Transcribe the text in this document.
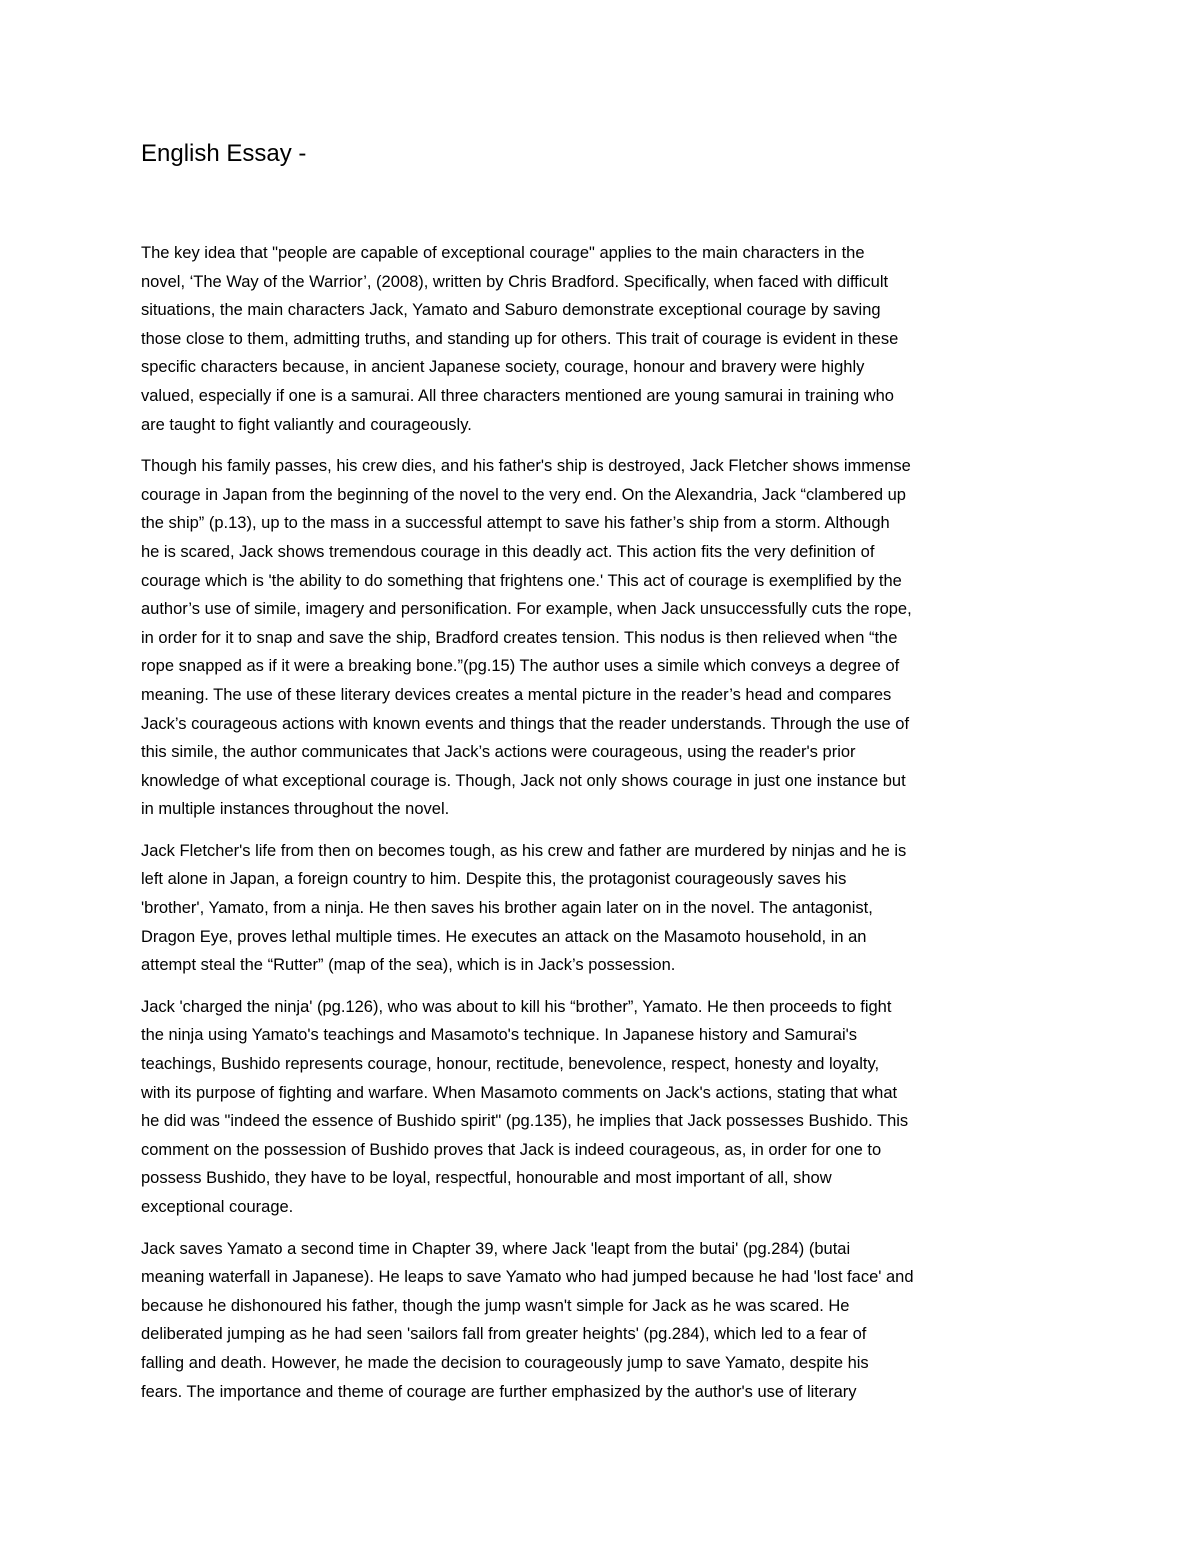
English Essay -

The key idea that "people are capable of exceptional courage" applies to the main characters in the
novel, ‘The Way of the Warrior’, (2008), written by Chris Bradford. Specifically, when faced with difficult
situations, the main characters Jack, Yamato and Saburo demonstrate exceptional courage by saving
those close to them, admitting truths, and standing up for others. This trait of courage is evident in these
specific characters because, in ancient Japanese society, courage, honour and bravery were highly
valued, especially if one is a samurai. All three characters mentioned are young samurai in training who
are taught to fight valiantly and courageously.

Though his family passes, his crew dies, and his father's ship is destroyed, Jack Fletcher shows immense
courage in Japan from the beginning of the novel to the very end. On the Alexandria, Jack “clambered up
the ship” (p.13), up to the mass in a successful attempt to save his father’s ship from a storm. Although
he is scared, Jack shows tremendous courage in this deadly act. This action fits the very definition of
courage which is 'the ability to do something that frightens one.' This act of courage is exemplified by the
author’s use of simile, imagery and personification. For example, when Jack unsuccessfully cuts the rope,
in order for it to snap and save the ship, Bradford creates tension. This nodus is then relieved when “the
rope snapped as if it were a breaking bone.”(pg.15) The author uses a simile which conveys a degree of
meaning. The use of these literary devices creates a mental picture in the reader’s head and compares
Jack’s courageous actions with known events and things that the reader understands. Through the use of
this simile, the author communicates that Jack’s actions were courageous, using the reader's prior
knowledge of what exceptional courage is. Though, Jack not only shows courage in just one instance but
in multiple instances throughout the novel.

Jack Fletcher's life from then on becomes tough, as his crew and father are murdered by ninjas and he is
left alone in Japan, a foreign country to him. Despite this, the protagonist courageously saves his
'brother', Yamato, from a ninja. He then saves his brother again later on in the novel. The antagonist,
Dragon Eye, proves lethal multiple times. He executes an attack on the Masamoto household, in an
attempt steal the “Rutter” (map of the sea), which is in Jack’s possession.

Jack 'charged the ninja' (pg.126), who was about to kill his “brother”, Yamato. He then proceeds to fight
the ninja using Yamato's teachings and Masamoto's technique. In Japanese history and Samurai's
teachings, Bushido represents courage, honour, rectitude, benevolence, respect, honesty and loyalty,
with its purpose of fighting and warfare. When Masamoto comments on Jack's actions, stating that what
he did was "indeed the essence of Bushido spirit" (pg.135), he implies that Jack possesses Bushido. This
comment on the possession of Bushido proves that Jack is indeed courageous, as, in order for one to
possess Bushido, they have to be loyal, respectful, honourable and most important of all, show
exceptional courage.

Jack saves Yamato a second time in Chapter 39, where Jack 'leapt from the butai' (pg.284) (butai
meaning waterfall in Japanese). He leaps to save Yamato who had jumped because he had 'lost face' and
because he dishonoured his father, though the jump wasn't simple for Jack as he was scared. He
deliberated jumping as he had seen 'sailors fall from greater heights' (pg.284), which led to a fear of
falling and death. However, he made the decision to courageously jump to save Yamato, despite his
fears. The importance and theme of courage are further emphasized by the author's use of literary
